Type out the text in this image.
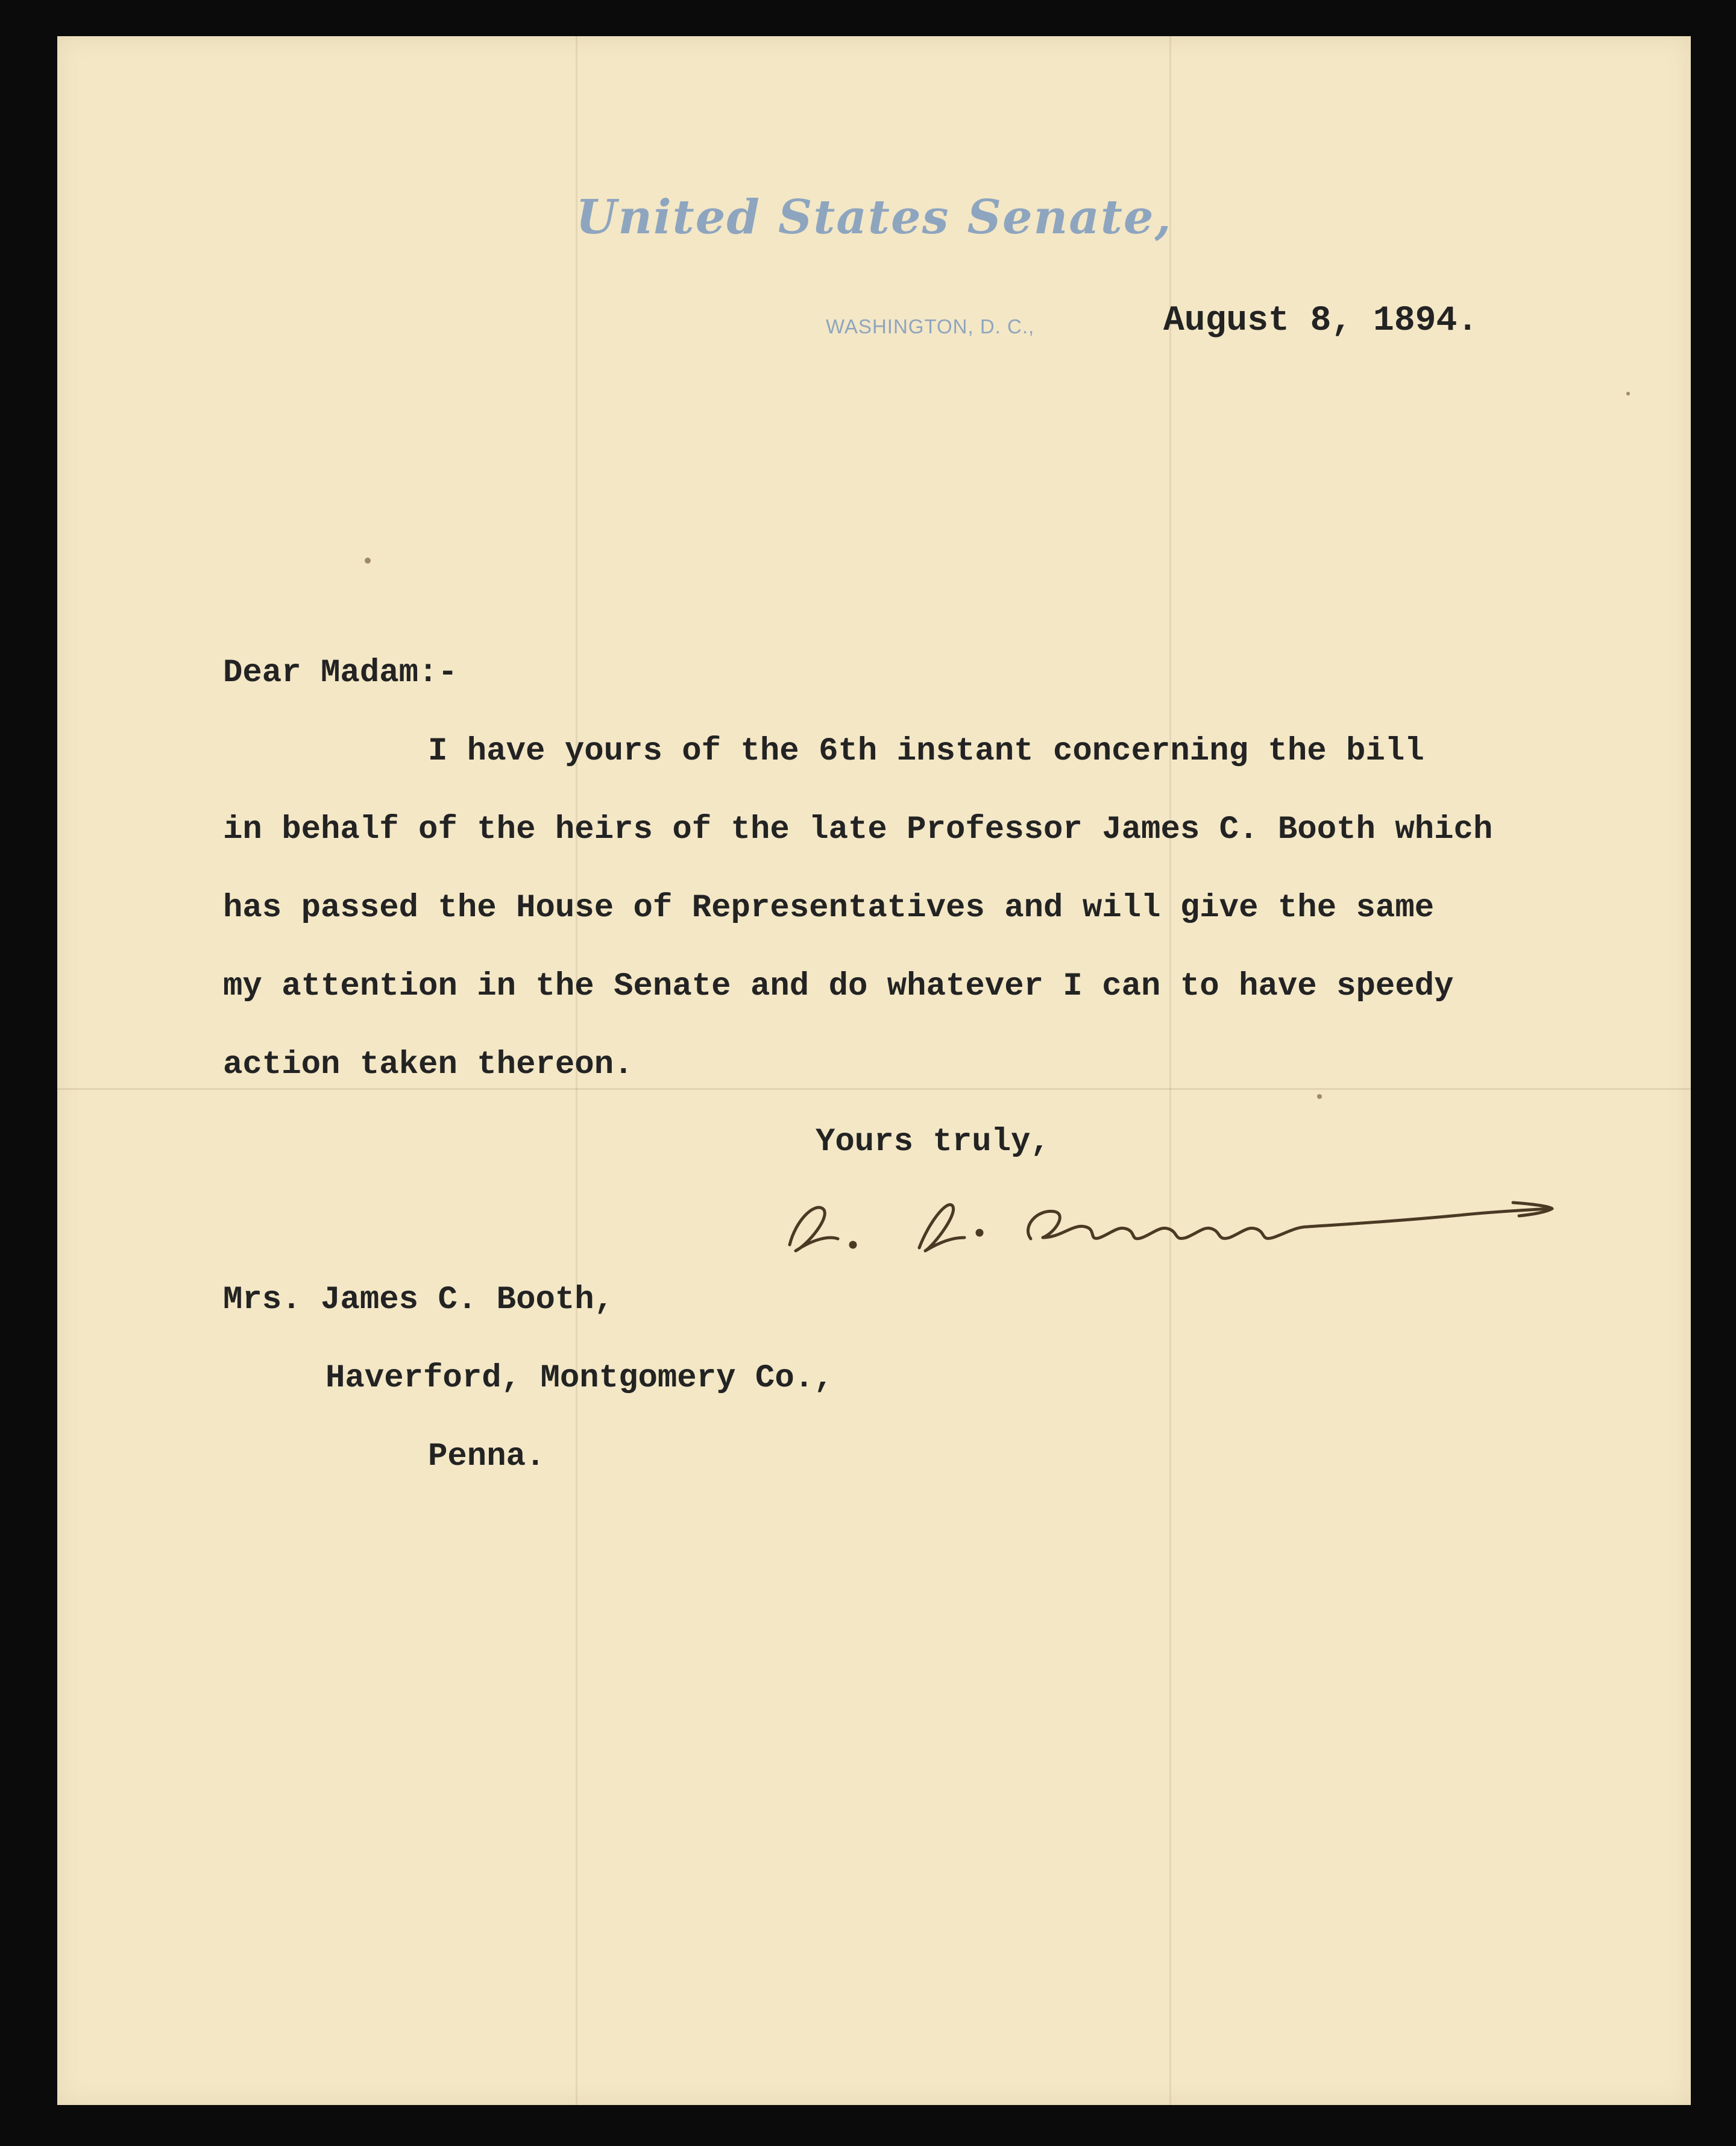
United States Senate,
WASHINGTON, D. C.,	August 8, 1894.
Dear Madam:-
I have yours of the 6th instant concerning the bill
in behalf of the heirs of the late Professor James C. Booth which
has passed the House of Representatives and will give the same
my attention in the Senate and do whatever I can to have speedy
action taken thereon.
Yours truly,
Mrs. James C. Booth,
Haverford, Montgomery Co.,
Penna.
